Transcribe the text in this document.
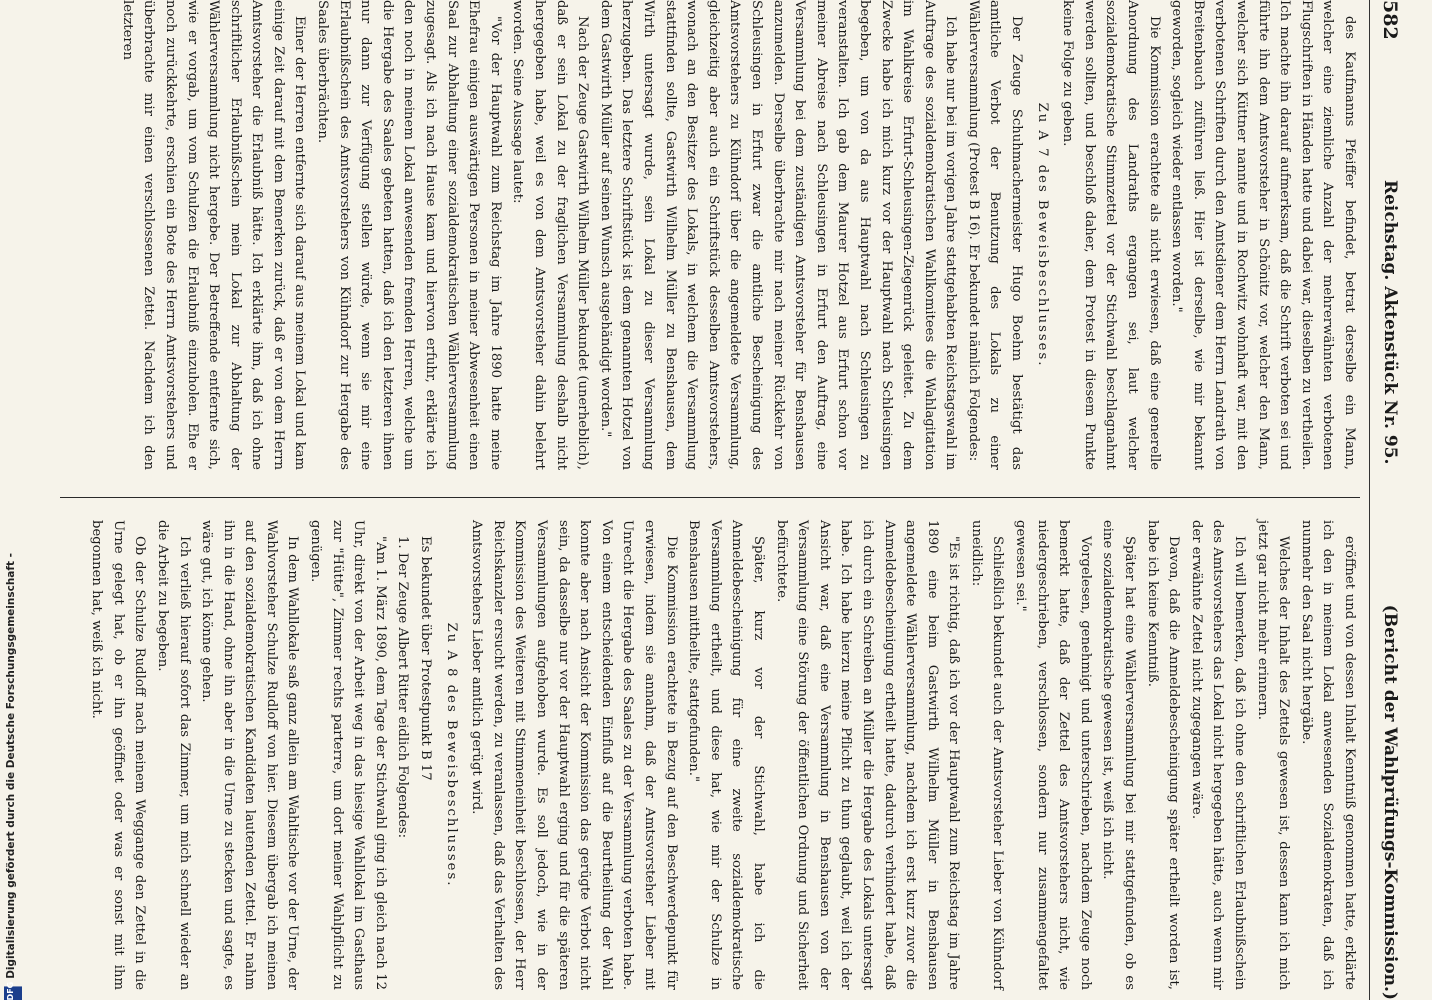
DFG Digitalisierung gefördert durch die Deutsche Forschungsgemeinschaft -
582
Reichstag. Aktenstück Nr. 95.
(Bericht der Wahlprüfungs-Kommission.)

des Kaufmanns Pfeiffer befindet, betrat derselbe ein Mann, welcher eine ziemliche Anzahl der mehrerwähnten verbotenen Flugschriften in Händen hatte und dabei war, dieselben zu vertheilen. Ich machte ihn darauf aufmerksam, daß die Schrift verboten sei und führte ihn dem Amtsvorsteher in Schönitz vor, welcher den Mann, welcher sich Küttner nannte und in Rochwitz wohnhaft war, mit den verbotenen Schriften durch den Amtsdiener dem Herrn Landrath von Breitenbauch zuführen ließ. Hier ist derselbe, wie mir bekannt geworden, sogleich wieder entlassen worden."

Die Kommission erachtete als nicht erwiesen, daß eine generelle Anordnung des Landraths ergangen sei, laut welcher sozialdemokratische Stimmzettel vor der Stichwahl beschlagnahmt werden sollten, und beschloß daher, dem Protest in diesem Punkte keine Folge zu geben.

Zu A 7 des Beweisbeschlusses.

Der Zeuge Schuhmachermeister Hugo Boehm bestätigt das amtliche Verbot der Benutzung des Lokals zu einer Wählerversammlung (Protest B 16). Er bekundet nämlich Folgendes:

Ich habe nur bei im vorigen Jahre stattgehabten Reichstagswahl im Auftrage des sozialdemokratischen Wahlkomitees die Wahlagitation im Wahlkreise Erfurt-Schleusingen-Ziegenrück geleitet. Zu dem Zwecke habe ich mich kurz vor der Hauptwahl nach Schleusingen begeben, um von da aus Hauptwahl nach Schleusingen zu veranstalten. Ich gab dem Maurer Hotzel aus Erfurt schon vor meiner Abreise nach Schleusingen in Erfurt den Auftrag, eine Versammlung bei dem zuständigen Amtsvorsteher für Benshausen anzumelden. Derselbe überbrachte mir nach meiner Rückkehr von Schleusingen in Erfurt zwar die amtliche Bescheinigung des Amtsvorstehers zu Kühndorf über die angemeldete Versammlung, gleichzeitig aber auch ein Schriftstück desselben Amtsvorstehers, wonach an den Besitzer des Lokals, in welchem die Versammlung stattfinden sollte, Gastwirth Wilhelm Müller zu Benshausen, dem Wirth untersagt wurde, sein Lokal zu dieser Versammlung herzugeben. Das letztere Schriftstück ist dem genannten Hotzel von dem Gastwirth Müller auf seinen Wunsch ausgehändigt worden."

Nach der Zeuge Gastwirth Wilhelm Müller bekundet (unerheblich), daß er sein Lokal zu der fraglichen Versammlung deshalb nicht hergegeben habe, weil es von dem Amtsvorsteher dahin belehrt worden. Seine Aussage lautet:

"Vor der Hauptwahl zum Reichstag im Jahre 1890 hatte meine Ehefrau einigen auswärtigen Personen in meiner Abwesenheit einen Saal zur Abhaltung einer sozialdemokratischen Wählerversammlung zugesagt. Als ich nach Hause kam und hiervon erfuhr, erklärte ich den noch in meinem Lokal anwesenden fremden Herren, welche um die Hergabe des Saales gebeten hatten, daß ich den letzteren ihnen nur dann zur Verfügung stellen würde, wenn sie mir eine Erlaubnißschein des Amtsvorstehers von Kühndorf zur Hergabe des Saales überbrächten.

Einer der Herren entfernte sich darauf aus meinem Lokal und kam einige Zeit darauf mit dem Bemerken zurück, daß er von dem Herrn Amtsvorsteher die Erlaubniß hätte. Ich erklärte ihm, daß ich ohne schriftlicher Erlaubnißschein mein Lokal zur Abhaltung der Wählerversammlung nicht hergebe. Der Betreffende entfernte sich, wie er vorgab, um vom Schulzen die Erlaubniß einzuholen. Ehe er noch zurückkehrte, erschien ein Bote des Herrn Amtsvorstehers und überbrachte mir einen verschlossenen Zettel. Nachdem ich den letzteren

eröffnet und von dessen Inhalt Kenntniß genommen hatte, erklärte ich den in meinem Lokal anwesenden Sozialdemokraten, daß ich nunmehr den Saal nicht hergäbe.

Welches der Inhalt des Zettels gewesen ist, dessen kann ich mich jetzt gar nicht mehr erinnern.

Ich will bemerken, daß ich ohne den schriftlichen Erlaubnißschein des Amtsvorstehers das Lokal nicht hergegeben hätte, auch wenn mir der erwähnte Zettel nicht zugegangen wäre.

Davon, daß die Anmeldebescheinigung später ertheilt worden ist, habe ich keine Kenntniß.

Später hat eine Wählerversammlung bei mir stattgefunden, ob es eine sozialdemokratische gewesen ist, weiß ich nicht.

Vorgelesen, genehmigt und unterschrieben, nachdem Zeuge noch bemerkt hatte, daß der Zettel des Amtsvorstehers nicht, wie niedergeschrieben, verschlossen, sondern nur zusammengefaltet gewesen sei."

Schließlich bekundet auch der Amtsvorsteher Lieber von Kühndorf uneidlich:

"Es ist richtig, daß ich vor der Hauptwahl zum Reichstag im Jahre 1890 eine beim Gastwirth Wilhelm Müller in Benshausen angemeldete Wählerversammlung, nachdem ich erst kurz zuvor die Anmeldebescheinigung ertheilt hatte, dadurch verhindert habe, daß ich durch ein Schreiben an Müller die Hergabe des Lokals untersagt habe. Ich habe hierzu meine Pflicht zu thun geglaubt, weil ich der Ansicht war, daß eine Versammlung in Benshausen von der Versammlung eine Störung der öffentlichen Ordnung und Sicherheit befürchtete.

Später, kurz vor der Stichwahl, habe ich die Anmeldebescheinigung für eine zweite sozialdemokratische Versammlung ertheilt, und diese hat, wie mir der Schulze in Benshausen mittheilte, stattgefunden."

Die Kommission erachtete in Bezug auf den Beschwerdepunkt für erwiesen, indem sie annahm, daß der Amtsvorsteher Lieber mit Unrecht die Hergabe des Saales zu der Versammlung verboten habe. Von einem entscheidenden Einfluß auf die Beurtheilung der Wahl konnte aber nach Ansicht der Kommission das gerügte Verbot nicht sein, da dasselbe nur vor der Hauptwahl erging und für die späteren Versammlungen aufgehoben wurde. Es soll jedoch, wie in der Kommission des Weiteren mit Stimmeneinheit beschlossen, der Herr Reichskanzler ersucht werden, zu veranlassen, daß das Verhalten des Amtsvorstehers Lieber amtlich gerügt wird.

Zu A 8 des Beweisbeschlusses.

Es bekundet über Protestpunkt B 17

1. Der Zeuge Albert Ritter eidlich Folgendes:

"Am 1. März 1890, dem Tage der Stichwahl ging ich gleich nach 12 Uhr, direkt von der Arbeit weg in das hiesige Wahllokal im Gasthaus zur "Hütte", Zimmer rechts parterre, um dort meiner Wahlpflicht zu genügen.

In dem Wahllokale saß ganz allein am Wahltische vor der Urne, der Wahlvorsteher Schulze Rudloff von hier. Diesem übergab ich meinen auf den sozialdemokratischen Kandidaten lautenden Zettel. Er nahm ihn in die Hand, ohne ihn aber in die Urne zu stecken und sagte, es wäre gut, ich könne gehen.

Ich verließ hierauf sofort das Zimmer, um mich schnell wieder an die Arbeit zu begeben.

Ob der Schulze Rudloff nach meinem Weggange den Zettel in die Urne gelegt hat, ob er ihn geöffnet oder was er sonst mit ihm begonnen hat, weiß ich nicht.
